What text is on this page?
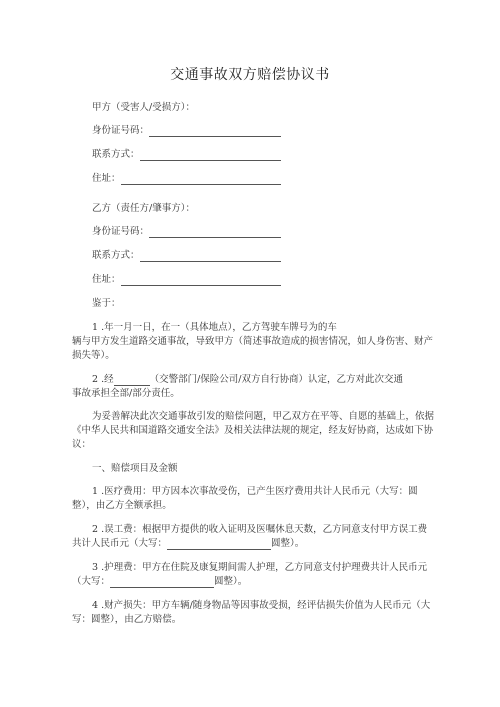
交通事故双方赔偿协议书
甲方（受害人/受损方）：
身份证号码：
联系方式：
住址：
乙方（责任方/肇事方）：
身份证号码：
联系方式：
住址：
鉴于：
1 .年一月一日，在一（具体地点），乙方驾驶车牌号为的车
辆与甲方发生道路交通事故，导致甲方（简述事故造成的损害情况，如人身伤害、财产
损失等）。
2 .经	（交警部门/保险公司/双方自行协商）认定，乙方对此次交通
事故承担全部/部分责任。
为妥善解决此次交通事故引发的赔偿问题，甲乙双方在平等、自愿的基础上，依据
《中华人民共和国道路交通安全法》及相关法律法规的规定，经友好协商，达成如下协
议：
一、赔偿项目及金额
1 .医疗费用：甲方因本次事故受伤，已产生医疗费用共计人民币元（大写：圆
整），由乙方全额承担。
2 .误工费：根据甲方提供的收入证明及医嘱休息天数，乙方同意支付甲方误工费
共计人民币元（大写：	圆整）。
3 .护理费：甲方在住院及康复期间需人护理，乙方同意支付护理费共计人民币元
（大写：	圆整）。
4 .财产损失：甲方车辆/随身物品等因事故受损，经评估损失价值为人民币元（大
写：圆整），由乙方赔偿。
